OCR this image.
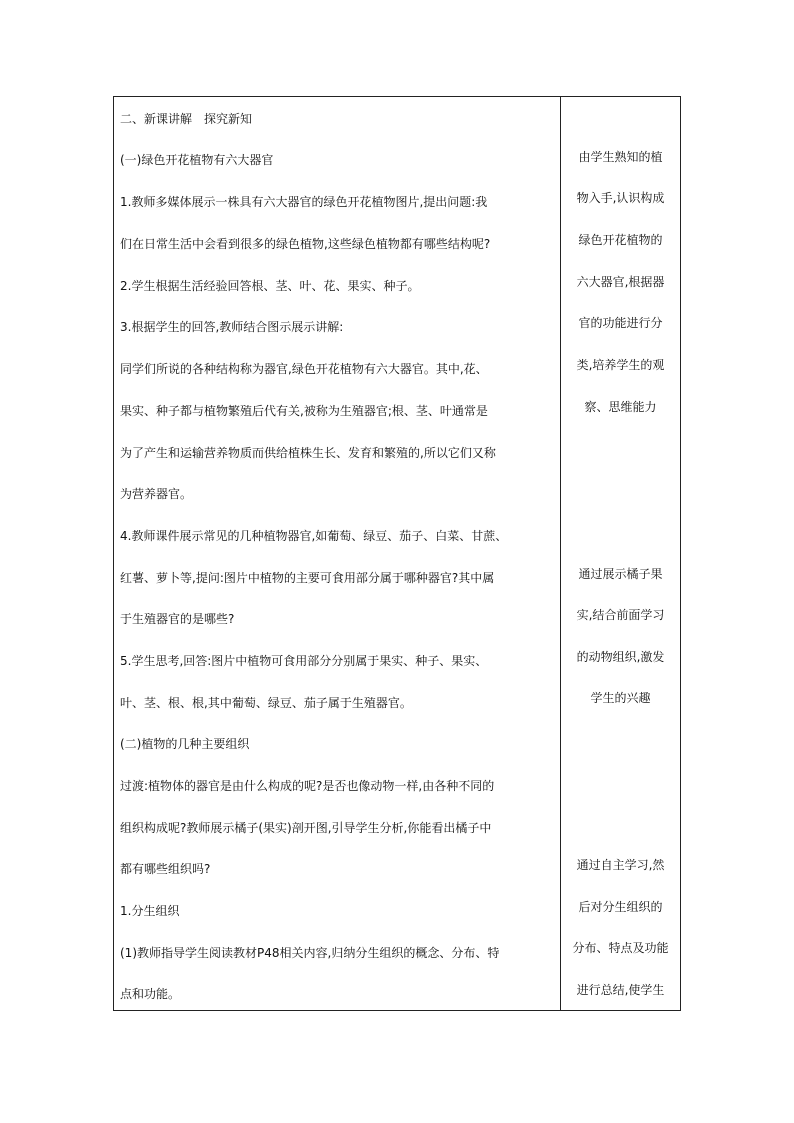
二、新课讲解　探究新知
(一)绿色开花植物有六大器官
1.教师多媒体展示一株具有六大器官的绿色开花植物图片,提出问题:我
们在日常生活中会看到很多的绿色植物,这些绿色植物都有哪些结构呢?
2.学生根据生活经验回答根、茎、叶、花、果实、种子。
3.根据学生的回答,教师结合图示展示讲解:
同学们所说的各种结构称为器官,绿色开花植物有六大器官。其中,花、
果实、种子都与植物繁殖后代有关,被称为生殖器官;根、茎、叶通常是
为了产生和运输营养物质而供给植株生长、发育和繁殖的,所以它们又称
为营养器官。
4.教师课件展示常见的几种植物器官,如葡萄、绿豆、茄子、白菜、甘蔗、
红薯、萝卜等,提问:图片中植物的主要可食用部分属于哪种器官?其中属
于生殖器官的是哪些?
5.学生思考,回答:图片中植物可食用部分分别属于果实、种子、果实、
叶、茎、根、根,其中葡萄、绿豆、茄子属于生殖器官。
(二)植物的几种主要组织
过渡:植物体的器官是由什么构成的呢?是否也像动物一样,由各种不同的
组织构成呢?教师展示橘子(果实)剖开图,引导学生分析,你能看出橘子中
都有哪些组织吗?
1.分生组织
(1)教师指导学生阅读教材P48相关内容,归纳分生组织的概念、分布、特
点和功能。
由学生熟知的植
物入手,认识构成
绿色开花植物的
六大器官,根据器
官的功能进行分
类,培养学生的观
察、思维能力
通过展示橘子果
实,结合前面学习
的动物组织,激发
学生的兴趣
通过自主学习,然
后对分生组织的
分布、特点及功能
进行总结,使学生
